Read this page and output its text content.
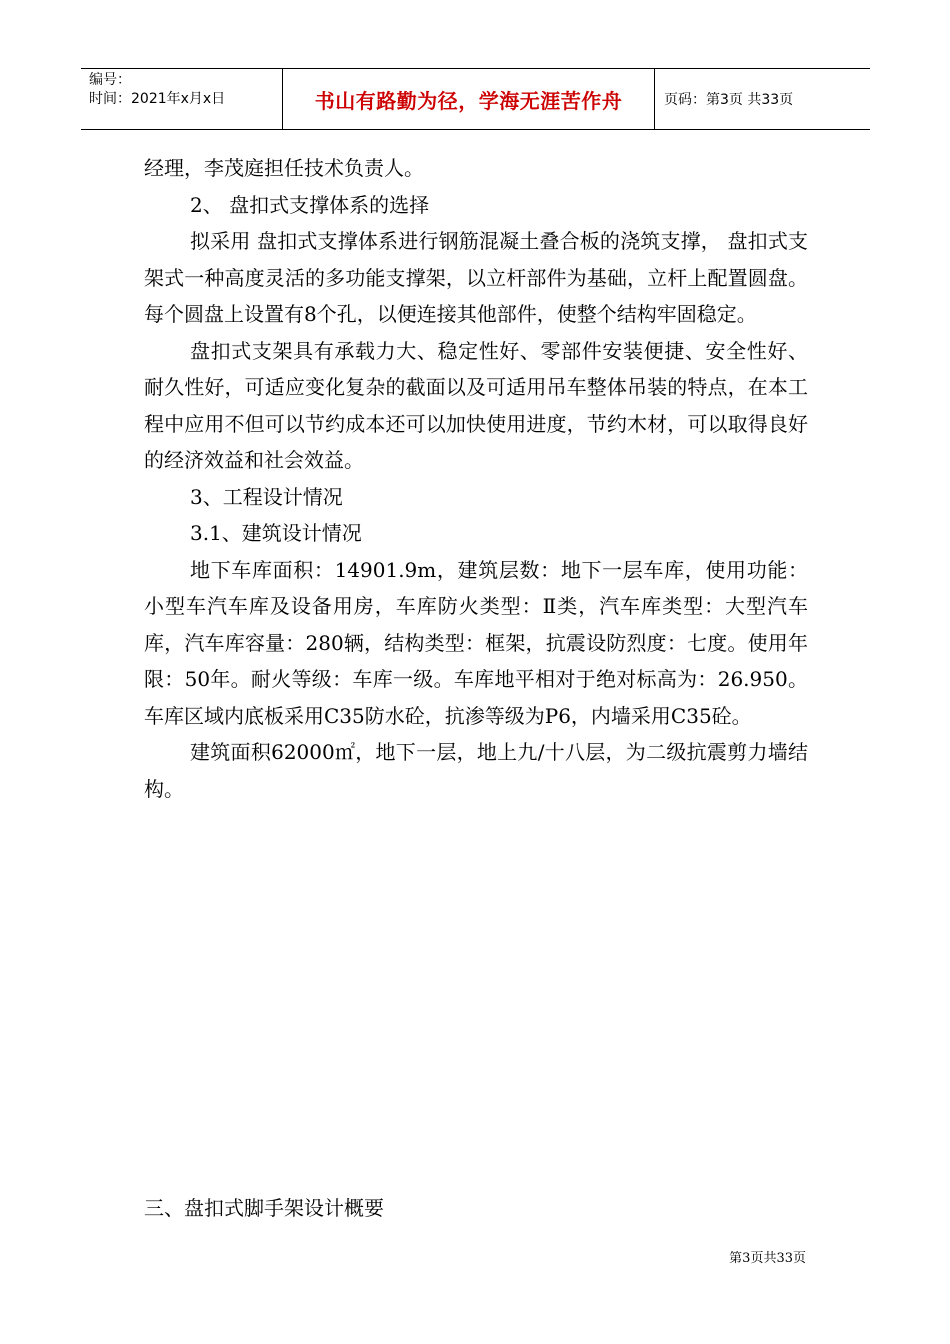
编号：
时间：2021年x月x日	书山有路勤为径，学海无涯苦作舟	页码：第3页 共33页

经理，李茂庭担任技术负责人。

2、 盘扣式支撑体系的选择

拟采用 盘扣式支撑体系进行钢筋混凝土叠合板的浇筑支撑， 盘扣式支架式一种高度灵活的多功能支撑架，以立杆部件为基础，立杆上配置圆盘。每个圆盘上设置有8个孔，以便连接其他部件，使整个结构牢固稳定。

盘扣式支架具有承载力大、稳定性好、零部件安装便捷、安全性好、耐久性好，可适应变化复杂的截面以及可适用吊车整体吊装的特点，在本工程中应用不但可以节约成本还可以加快使用进度，节约木材，可以取得良好的经济效益和社会效益。

3、工程设计情况

3.1、建筑设计情况

地下车库面积：14901.9m，建筑层数：地下一层车库，使用功能：小型车汽车库及设备用房，车库防火类型：Ⅱ类，汽车库类型：大型汽车库，汽车库容量：280辆，结构类型：框架，抗震设防烈度：七度。使用年限：50年。耐火等级：车库一级。车库地平相对于绝对标高为：26.950。车库区域内底板采用C35防水砼，抗渗等级为P6，内墙采用C35砼。

建筑面积62000㎡，地下一层，地上九/十八层，为二级抗震剪力墙结构。

三、盘扣式脚手架设计概要
第3页共33页
